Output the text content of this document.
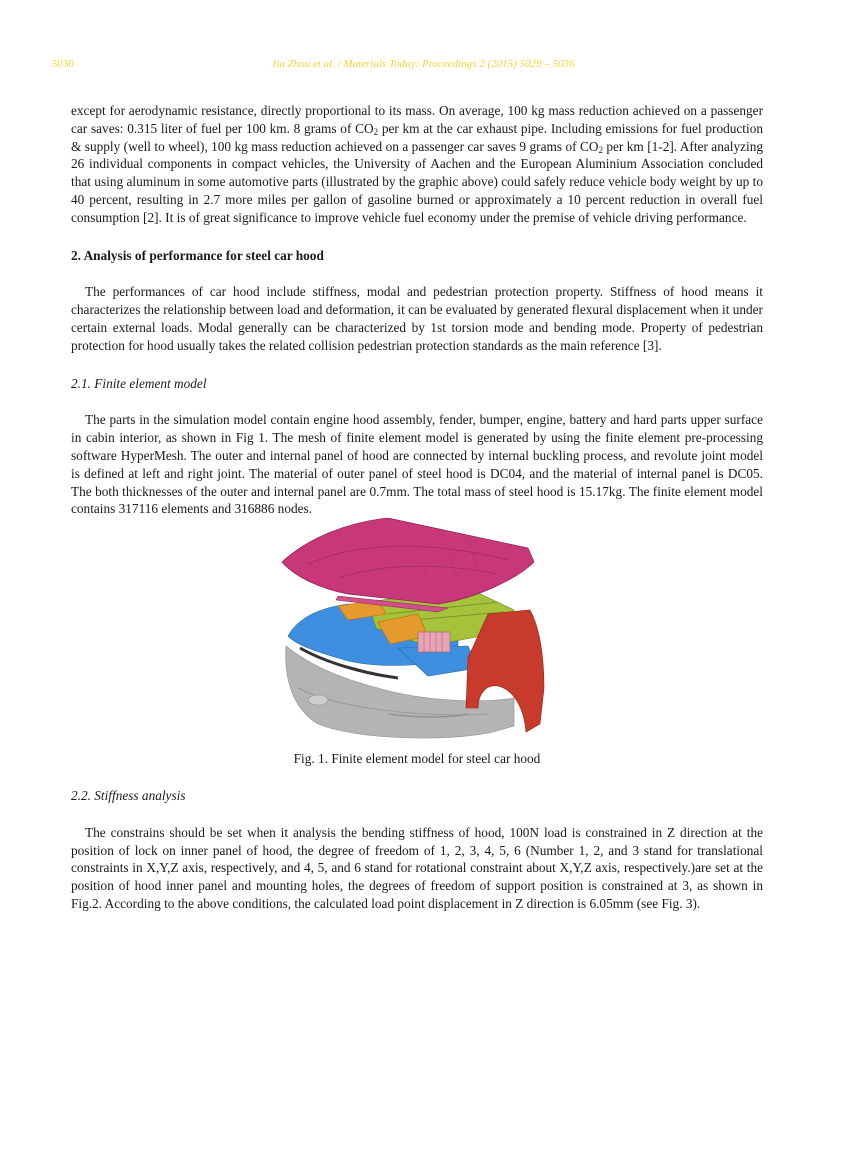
5030	Jia Zhou et al. / Materials Today: Proceedings 2 (2015) 5029 – 5036

except for aerodynamic resistance, directly proportional to its mass. On average, 100 kg mass reduction achieved on a passenger car saves: 0.315 liter of fuel per 100 km. 8 grams of $CO_2$ per km at the car exhaust pipe. Including emissions for fuel production & supply (well to wheel), 100 kg mass reduction achieved on a passenger car saves 9 grams of $CO_2$ per km [1-2]. After analyzing 26 individual components in compact vehicles, the University of Aachen and the European Aluminium Association concluded that using aluminum in some automotive parts (illustrated by the graphic above) could safely reduce vehicle body weight by up to 40 percent, resulting in 2.7 more miles per gallon of gasoline burned or approximately a 10 percent reduction in overall fuel consumption [2]. It is of great significance to improve vehicle fuel economy under the premise of vehicle driving performance.

2. Analysis of performance for steel car hood

The performances of car hood include stiffness, modal and pedestrian protection property. Stiffness of hood means it characterizes the relationship between load and deformation, it can be evaluated by generated flexural displacement when it under certain external loads. Modal generally can be characterized by 1st torsion mode and bending mode. Property of pedestrian protection for hood usually takes the related collision pedestrian protection standards as the main reference [3].

2.1. Finite element model

The parts in the simulation model contain engine hood assembly, fender, bumper, engine, battery and hard parts upper surface in cabin interior, as shown in Fig 1. The mesh of finite element model is generated by using the finite element pre-processing software HyperMesh. The outer and internal panel of hood are connected by internal buckling process, and revolute joint model is defined at left and right joint. The material of outer panel of steel hood is DC04, and the material of internal panel is DC05. The both thicknesses of the outer and internal panel are 0.7mm. The total mass of steel hood is 15.17kg. The finite element model contains 317116 elements and 316886 nodes.

Fig. 1. Finite element model for steel car hood

2.2. Stiffness analysis

The constrains should be set when it analysis the bending stiffness of hood, 100N load is constrained in Z direction at the position of lock on inner panel of hood, the degree of freedom of 1, 2, 3, 4, 5, 6 (Number 1, 2, and 3 stand for translational constraints in X,Y,Z axis, respectively, and 4, 5, and 6 stand for rotational constraint about X,Y,Z axis, respectively.)are set at the position of hood inner panel and mounting holes, the degrees of freedom of support position is constrained at 3, as shown in Fig.2. According to the above conditions, the calculated load point displacement in Z direction is 6.05mm (see Fig. 3).
